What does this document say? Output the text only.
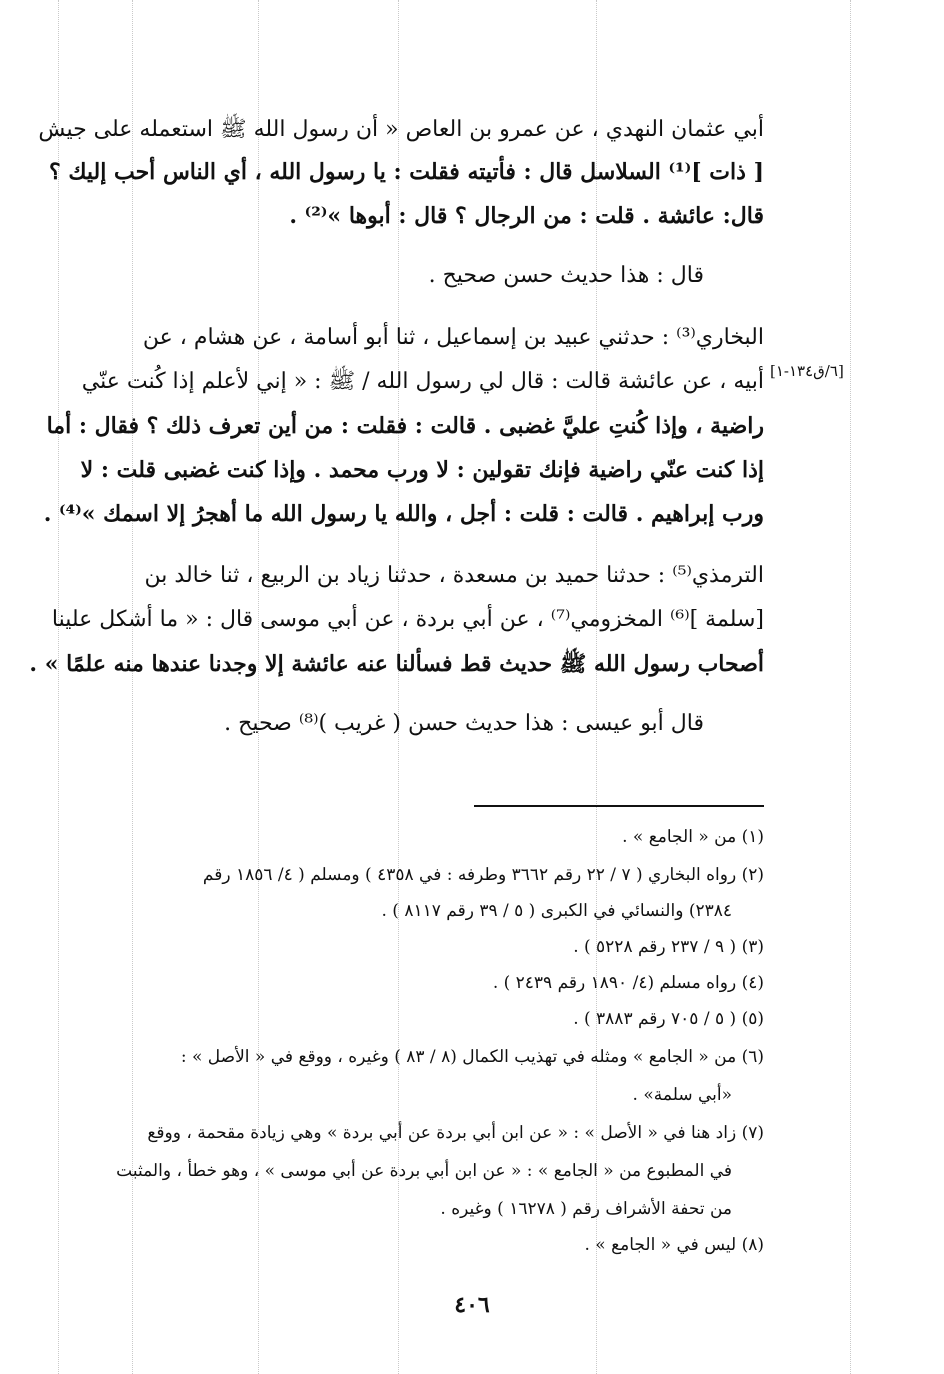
أبي عثمان النهدي ، عن عمرو بن العاص « أن رسول الله ﷺ استعمله على جيش
[ ذات ]⁽¹⁾ السلاسل قال : فأتيته فقلت : يا رسول الله ، أي الناس أحب إليك ؟
قال: عائشة . قلت : من الرجال ؟ قال : أبوها »⁽²⁾ .
قال : هذا حديث حسن صحيح .
البخاري⁽³⁾ : حدثني عبيد بن إسماعيل ، ثنا أبو أسامة ، عن هشام ، عن
أبيه ، عن عائشة قالت : قال لي رسول الله / ﷺ : « إني لأعلم إذا كُنت عنّي [٦/ق١٣٤-١]
راضية ، وإذا كُنتِ عليَّ غضبى . قالت : فقلت : من أين تعرف ذلك ؟ فقال : أما
إذا كنت عنّي راضية فإنك تقولين : لا ورب محمد . وإذا كنت غضبى قلت : لا
ورب إبراهيم . قالت : قلت : أجل ، والله يا رسول الله ما أهجرُ إلا اسمك »⁽⁴⁾ .
الترمذي⁽⁵⁾ : حدثنا حميد بن مسعدة ، حدثنا زياد بن الربيع ، ثنا خالد بن
[سلمة ]⁽⁶⁾ المخزومي⁽⁷⁾ ، عن أبي بردة ، عن أبي موسى قال : « ما أشكل علينا
أصحاب رسول الله ﷺ حديث قط فسألنا عنه عائشة إلا وجدنا عندها منه علمًا » .
قال أبو عيسى : هذا حديث حسن ( غريب )⁽⁸⁾ صحيح .
(١) من « الجامع » .
(٢) رواه البخاري ( ٧ / ٢٢ رقم ٣٦٦٢ وطرفه : في ٤٣٥٨ ) ومسلم ( ٤/ ١٨٥٦ رقم
٢٣٨٤) والنسائي في الكبرى ( ٥ / ٣٩ رقم ٨١١٧ ) .
(٣) ( ٩ / ٢٣٧ رقم ٥٢٢٨ ) .
(٤) رواه مسلم (٤/ ١٨٩٠ رقم ٢٤٣٩ ) .
(٥) ( ٥ / ٧٠٥ رقم ٣٨٨٣ ) .
(٦) من « الجامع » ومثله في تهذيب الكمال (٨ / ٨٣ ) وغيره ، ووقع في « الأصل » :
«أبي سلمة» .
(٧) زاد هنا في « الأصل » : « عن ابن أبي بردة عن أبي بردة » وهي زيادة مقحمة ، ووقع
في المطبوع من « الجامع » : « عن ابن أبي بردة عن أبي موسى » ، وهو خطأ ، والمثبت
من تحفة الأشراف رقم ( ١٦٢٧٨ ) وغيره .
(٨) ليس في « الجامع » .
٤٠٦
